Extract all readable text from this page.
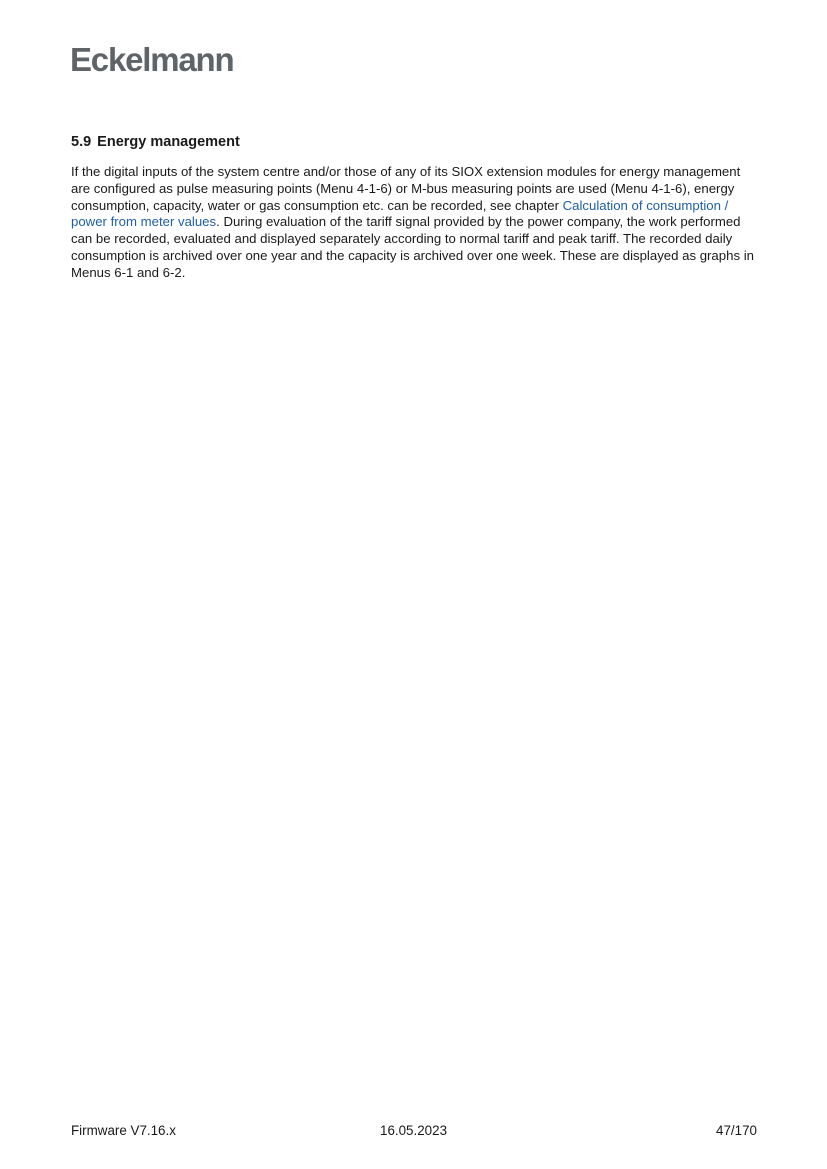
Eckelmann
5.9 Energy management

If the digital inputs of the system centre and/or those of any of its SIOX extension modules for energy management are configured as pulse measuring points (Menu 4-1-6) or M-bus measuring points are used (Menu 4-1-6), energy consumption, capacity, water or gas consumption etc. can be recorded, see chapter Calculation of consumption / power from meter values. During evaluation of the tariff signal provided by the power company, the work performed can be recorded, evaluated and displayed separately according to normal tariff and peak tariff. The recorded daily consumption is archived over one year and the capacity is archived over one week. These are displayed as graphs in Menus 6-1 and 6-2.

Firmware V7.16.x	16.05.2023	47/170
